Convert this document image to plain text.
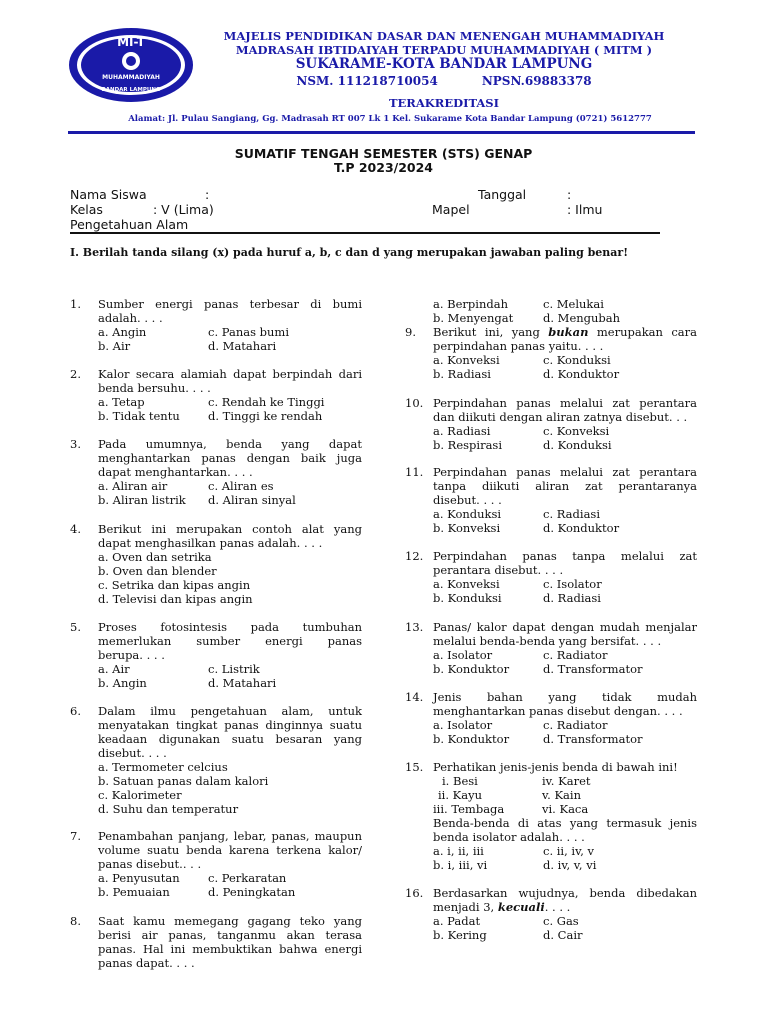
MI-T
MUHAMMADIYAH
BANDAR LAMPUNG
MAJELIS PENDIDIKAN DASAR DAN MENENGAH MUHAMMADIYAH
MADRASAH IBTIDAIYAH TERPADU MUHAMMADIYAH ( MITM )
SUKARAME-KOTA BANDAR LAMPUNG
NSM. 111218710054	NPSN.69883378
TERAKREDITASI
Alamat: Jl. Pulau Sangiang, Gg. Madrasah RT 007 Lk 1 Kel. Sukarame Kota Bandar Lampung (0721) 5612777
SUMATIF TENGAH SEMESTER (STS) GENAP
T.P 2023/2024
Nama Siswa	:	Tanggal	:
Kelas	: V (Lima)	Mapel	: Ilmu
Pengetahuan Alam
I. Berilah tanda silang (x) pada huruf a, b, c dan d yang merupakan jawaban paling benar!
1. Sumber energi panas terbesar di bumi
adalah. . . .
a. Angin	c. Panas bumi
b. Air	d. Matahari
2. Kalor secara alamiah dapat berpindah dari
benda bersuhu. . . .
a. Tetap	c. Rendah ke Tinggi
b. Tidak tentu d. Tinggi ke rendah
3. Pada umumnya, benda yang dapat
menghantarkan panas dengan baik juga
dapat menghantarkan. . . .
a. Aliran air	c. Aliran es
b. Aliran listrik d. Aliran sinyal
4. Berikut ini merupakan contoh alat yang
dapat menghasilkan panas adalah. . . .
a. Oven dan setrika
b. Oven dan blender
c. Setrika dan kipas angin
d. Televisi dan kipas angin
5. Proses fotosintesis pada tumbuhan
memerlukan sumber energi panas
berupa. . . .
a. Air	c. Listrik
b. Angin	d. Matahari
6. Dalam ilmu pengetahuan alam, untuk
menyatakan tingkat panas dinginnya suatu
keadaan digunakan suatu besaran yang
disebut. . . .
a. Termometer celcius
b. Satuan panas dalam kalori
c. Kalorimeter
d. Suhu dan temperatur
7. Penambahan panjang, lebar, panas, maupun
volume suatu benda karena terkena kalor/
panas disebut.. . .
a. Penyusutan c. Perkaratan
b. Pemuaian	d. Peningkatan
8. Saat kamu memegang gagang teko yang
berisi air panas, tanganmu akan terasa
panas. Hal ini membuktikan bahwa energi
panas dapat. . . .
a. Berpindah	c. Melukai
b. Menyengat	d. Mengubah
9. Berikut ini, yang bukan merupakan cara
perpindahan panas yaitu. . . .
a. Konveksi	c. Konduksi
b. Radiasi	d. Konduktor
10. Perpindahan panas melalui zat perantara
dan diikuti dengan aliran zatnya disebut. . .
a. Radiasi	c. Konveksi
b. Respirasi	d. Konduksi
11. Perpindahan panas melalui zat perantara
tanpa diikuti aliran zat perantaranya
disebut. . . .
a. Konduksi	c. Radiasi
b. Konveksi	d. Konduktor
12. Perpindahan panas tanpa melalui zat
perantara disebut. . . .
a. Konveksi	c. Isolator
b. Konduksi	d. Radiasi
13. Panas/ kalor dapat dengan mudah menjalar
melalui benda-benda yang bersifat. . . .
a. Isolator	c. Radiator
b. Konduktor	d. Transformator
14. Jenis bahan yang tidak mudah
menghantarkan panas disebut dengan. . . .
a. Isolator	c. Radiator
b. Konduktor	d. Transformator
15. Perhatikan jenis-jenis benda di bawah ini!
i. Besi	iv. Karet
ii. Kayu	v. Kain
iii. Tembaga	vi. Kaca
Benda-benda di atas yang termasuk jenis
benda isolator adalah. . . .
a. i, ii, iii	c. ii, iv, v
b. i, iii, vi	d. iv, v, vi
16. Berdasarkan wujudnya, benda dibedakan
menjadi 3, kecuali. . . .
a. Padat	c. Gas
b. Kering	d. Cair
